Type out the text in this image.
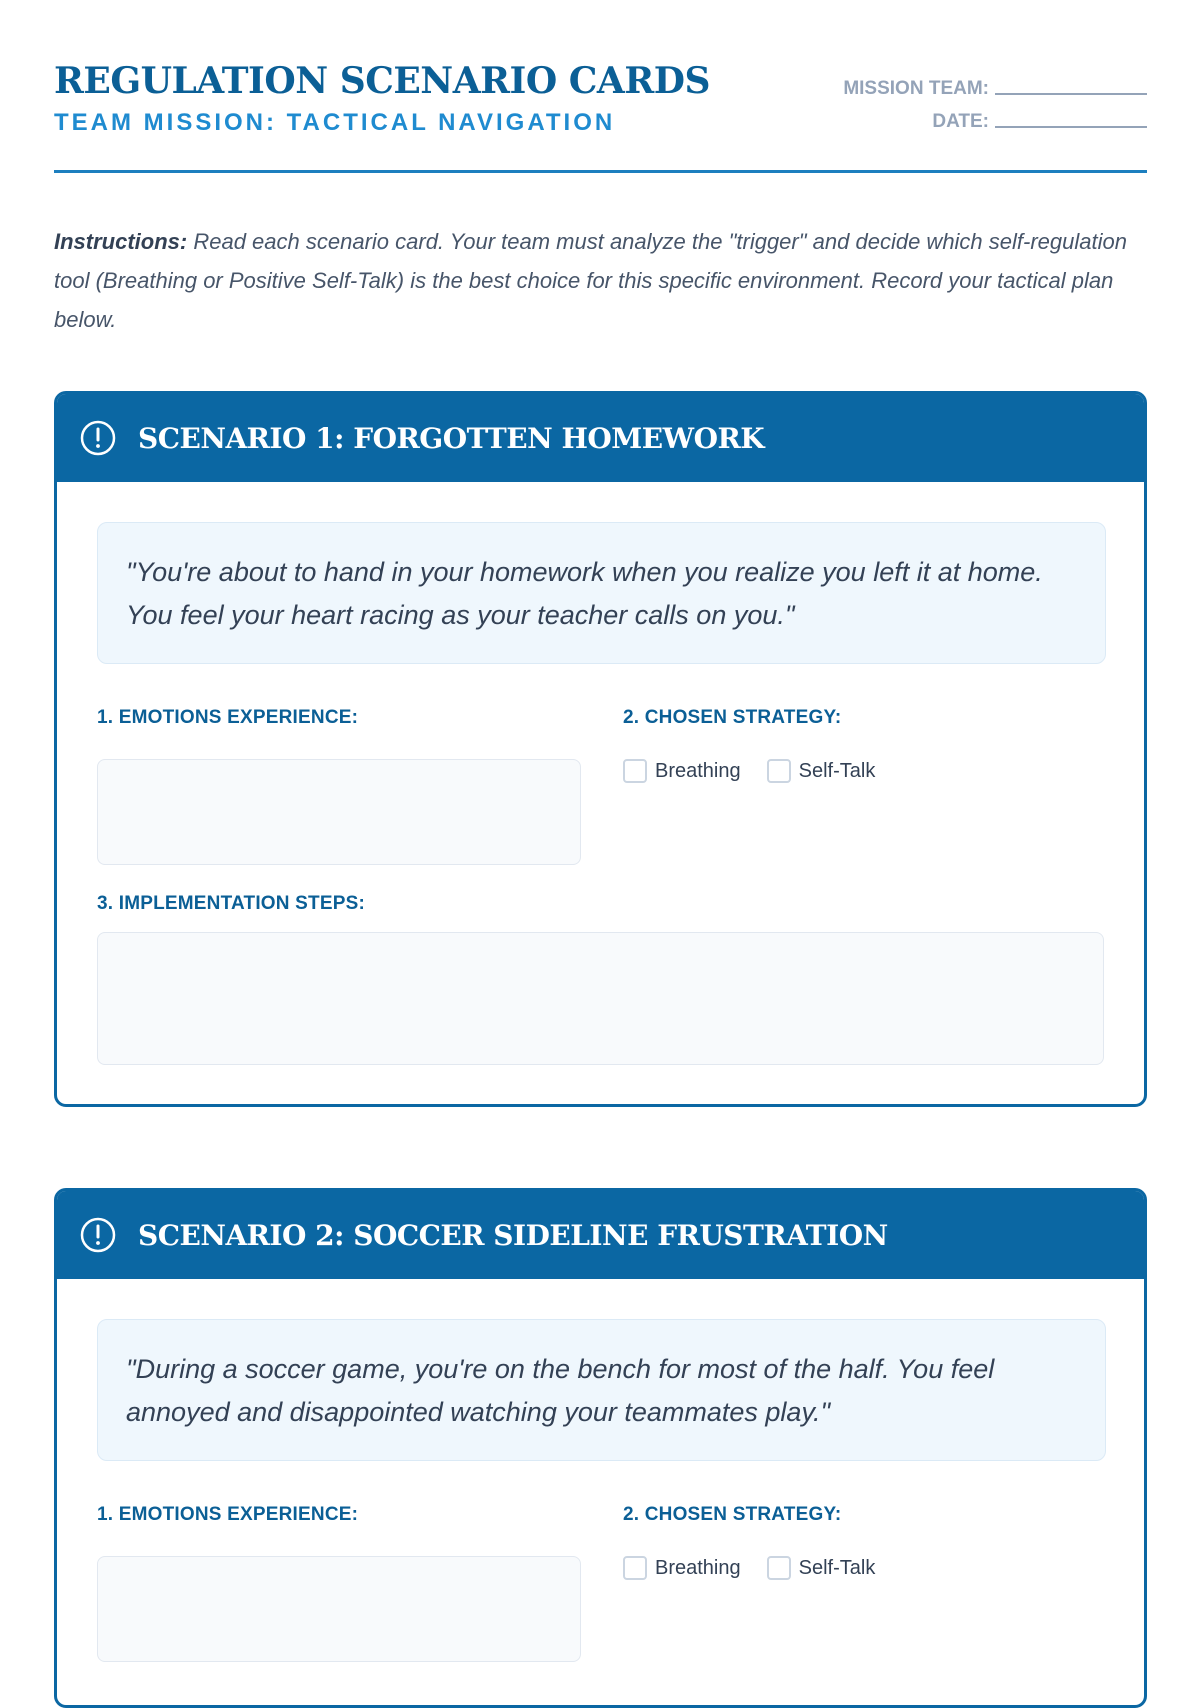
REGULATION SCENARIO CARDS
TEAM MISSION: TACTICAL NAVIGATION
MISSION TEAM:
DATE:

Instructions: Read each scenario card. Your team must analyze the "trigger" and decide which self-regulation tool (Breathing or Positive Self-Talk) is the best choice for this specific environment. Record your tactical plan below.

SCENARIO 1: FORGOTTEN HOMEWORK
"You're about to hand in your homework when you realize you left it at home. You feel your heart racing as your teacher calls on you."
1. EMOTIONS EXPERIENCE:	2. CHOSEN STRATEGY:
Breathing	Self-Talk
3. IMPLEMENTATION STEPS:
SCENARIO 2: SOCCER SIDELINE FRUSTRATION
"During a soccer game, you're on the bench for most of the half. You feel annoyed and disappointed watching your teammates play."
1. EMOTIONS EXPERIENCE:	2. CHOSEN STRATEGY:
Breathing	Self-Talk
